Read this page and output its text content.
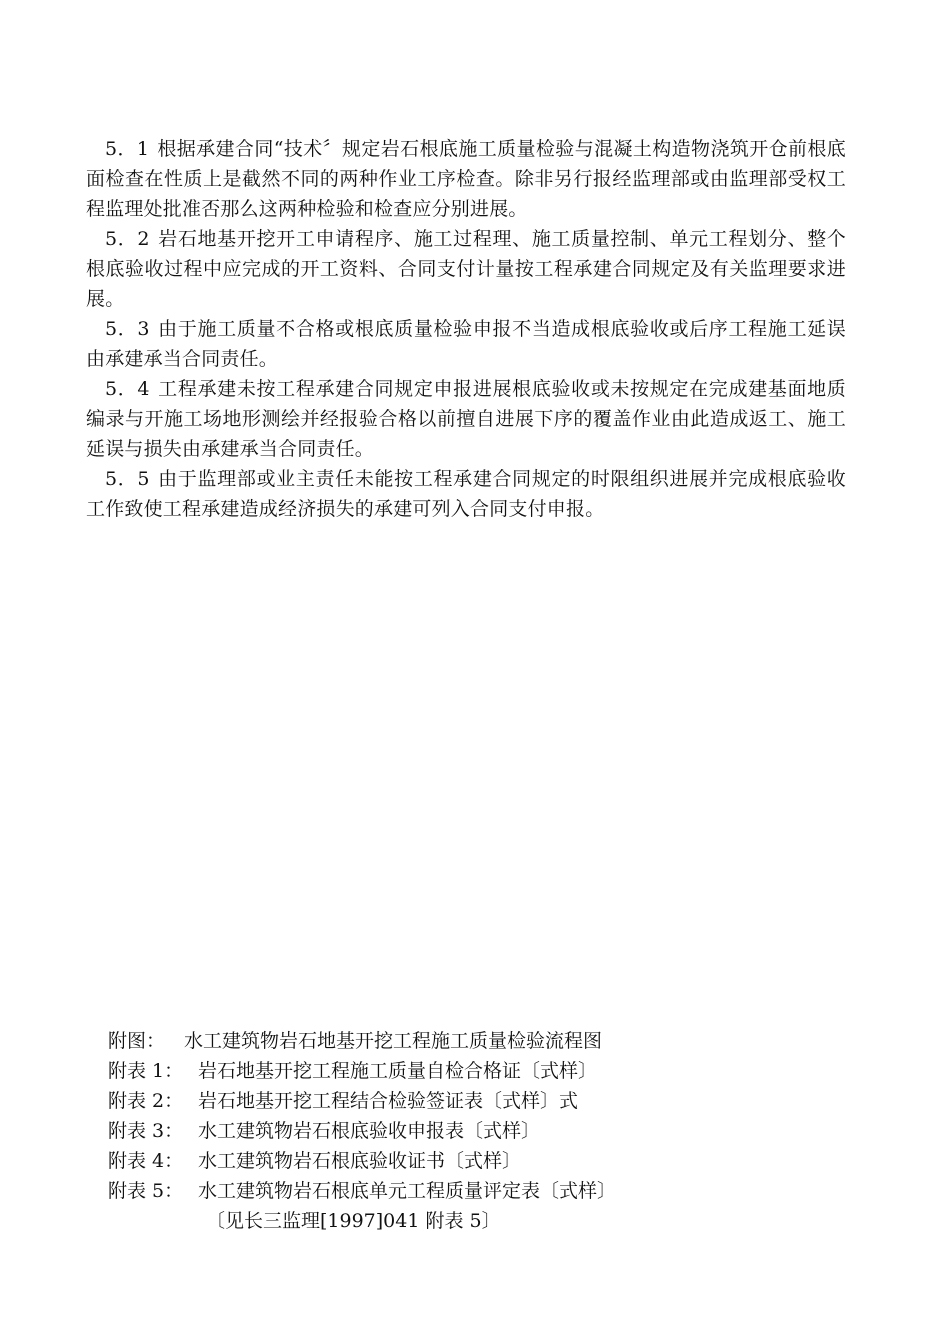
5．1 根据承建合同“技术〞规定岩石根底施工质量检验与混凝土构造物浇筑开仓前根底面检查在性质上是截然不同的两种作业工序检查。除非另行报经监理部或由监理部受权工程监理处批准否那么这两种检验和检查应分别进展。

5．2 岩石地基开挖开工申请程序、施工过程理、施工质量控制、单元工程划分、整个根底验收过程中应完成的开工资料、合同支付计量按工程承建合同规定及有关监理要求进展。

5．3 由于施工质量不合格或根底质量检验申报不当造成根底验收或后序工程施工延误由承建承当合同责任。

5．4 工程承建未按工程承建合同规定申报进展根底验收或未按规定在完成建基面地质编录与开施工场地形测绘并经报验合格以前擅自进展下序的覆盖作业由此造成返工、施工延误与损失由承建承当合同责任。

5．5 由于监理部或业主责任未能按工程承建合同规定的时限组织进展并完成根底验收工作致使工程承建造成经济损失的承建可列入合同支付申报。

附图： 水工建筑物岩石地基开挖工程施工质量检验流程图
附表 1： 岩石地基开挖工程施工质量自检合格证〔式样〕
附表 2： 岩石地基开挖工程结合检验签证表〔式样〕式
附表 3： 水工建筑物岩石根底验收申报表〔式样〕
附表 4： 水工建筑物岩石根底验收证书〔式样〕
附表 5： 水工建筑物岩石根底单元工程质量评定表〔式样〕
〔见长三监理[1997]041 附表 5〕
